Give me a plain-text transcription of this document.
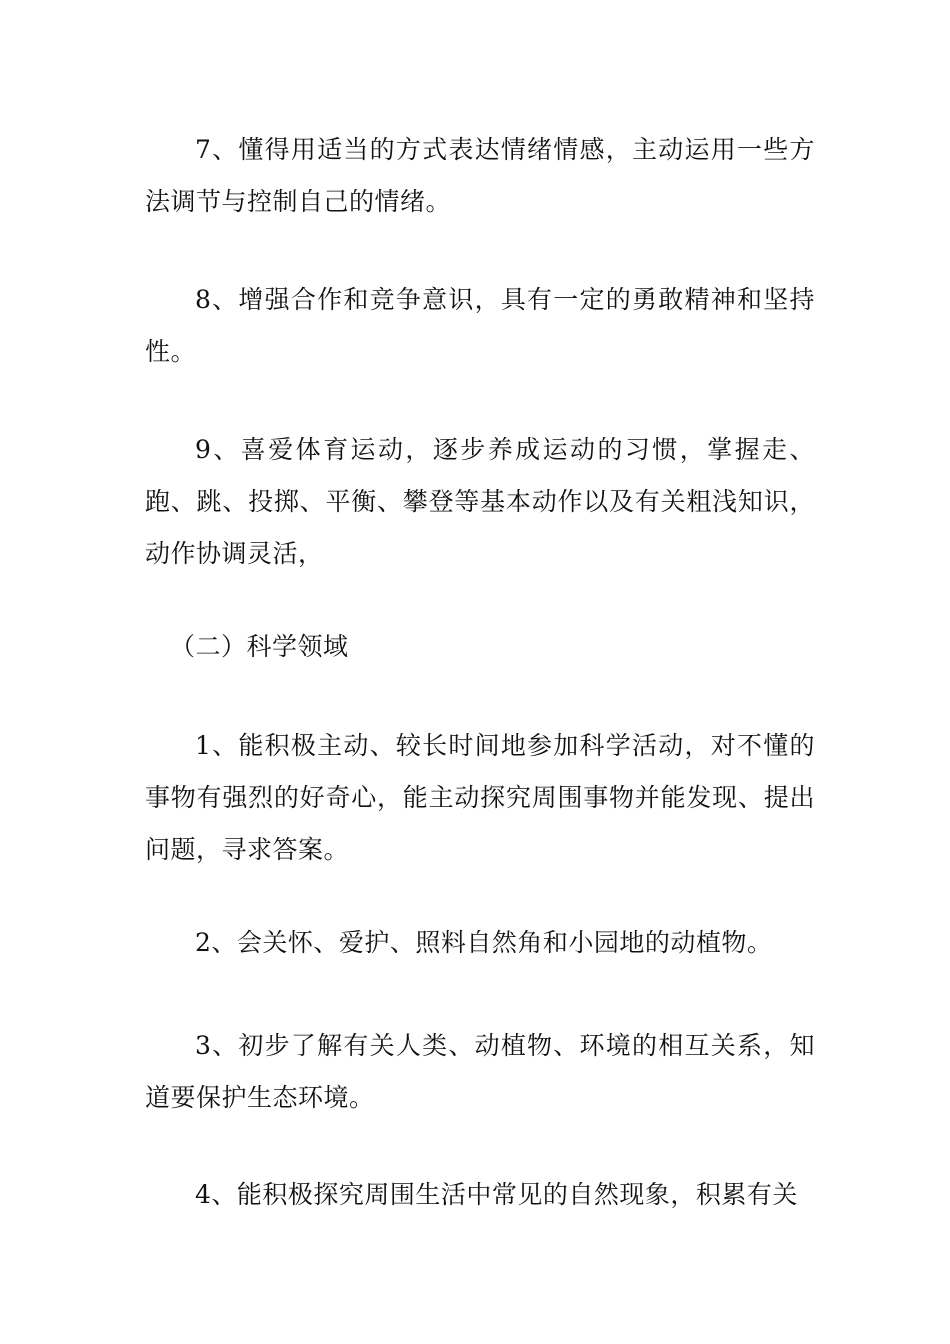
7、懂得用适当的方式表达情绪情感，主动运用一些方法调节与控制自己的情绪。

8、增强合作和竞争意识，具有一定的勇敢精神和坚持性。

9、喜爱体育运动，逐步养成运动的习惯，掌握走、跑、跳、投掷、平衡、攀登等基本动作以及有关粗浅知识，动作协调灵活，

（二）科学领域

1、能积极主动、较长时间地参加科学活动，对不懂的事物有强烈的好奇心，能主动探究周围事物并能发现、提出问题，寻求答案。

2、会关怀、爱护、照料自然角和小园地的动植物。

3、初步了解有关人类、动植物、环境的相互关系，知道要保护生态环境。

4、能积极探究周围生活中常见的自然现象，积累有关
